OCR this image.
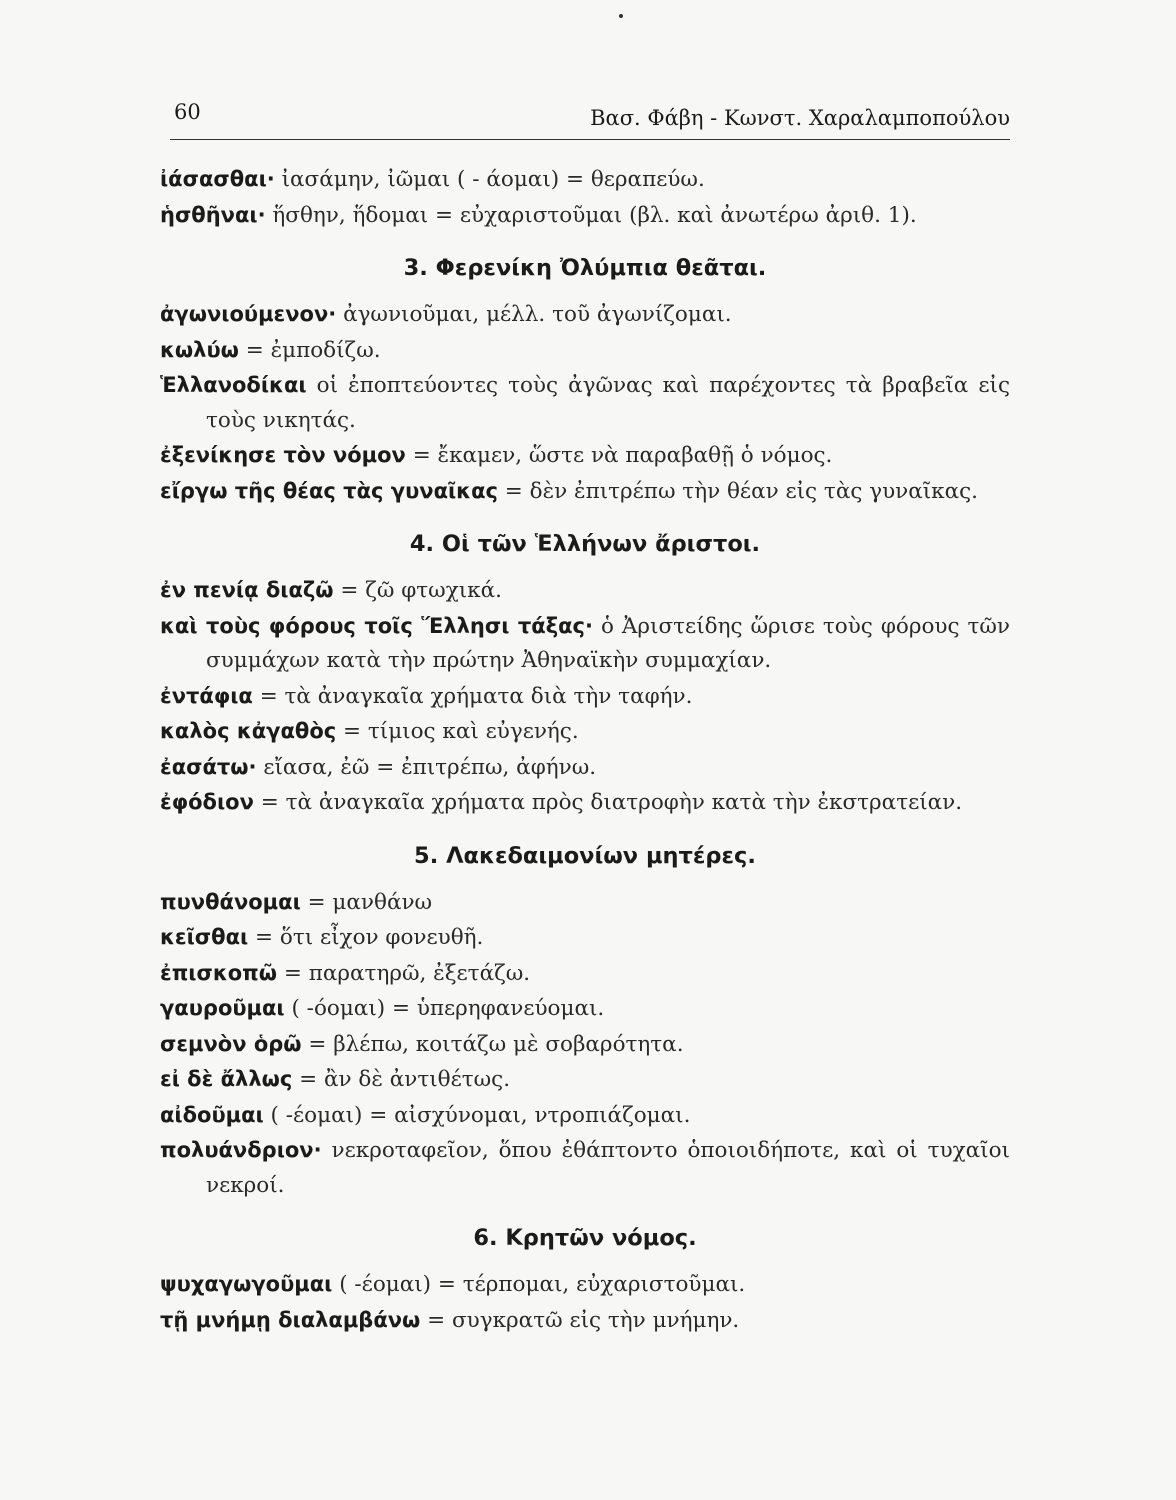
60	Βασ. Φάβη - Κωνστ. Χαραλαμποπούλου
ἰάσασθαι· ἰασάμην, ἰῶμαι ( - άομαι) = θεραπεύω.
ἡσθῆναι· ἥσθην, ἥδομαι = εὐχαριστοῦμαι (βλ. καὶ ἀνωτέρω ἀριθ. 1).
3. Φερενίκη Ὀλύμπια θεᾶται.
ἀγωνιούμενον· ἀγωνιοῦμαι, μέλλ. τοῦ ἀγωνίζομαι.
κωλύω = ἐμποδίζω.
Ἑλλανοδίκαι οἱ ἐποπτεύοντες τοὺς ἀγῶνας καὶ παρέχοντες τὰ βραβεῖα εἰς τοὺς νικητάς.
ἐξενίκησε τὸν νόμον = ἔκαμεν, ὥστε νὰ παραβαθῇ ὁ νόμος.
εἴργω τῆς θέας τὰς γυναῖκας = δὲν ἐπιτρέπω τὴν θέαν εἰς τὰς γυναῖκας.
4. Οἱ τῶν Ἑλλήνων ἄριστοι.
ἐν πενίᾳ διαζῶ = ζῶ φτωχικά.
καὶ τοὺς φόρους τοῖς Ἕλλησι τάξας· ὁ Ἀριστείδης ὥρισε τοὺς φόρους τῶν συμμάχων κατὰ τὴν πρώτην Ἀθηναϊκὴν συμμαχίαν.
ἐντάφια = τὰ ἀναγκαῖα χρήματα διὰ τὴν ταφήν.
καλὸς κἀγαθὸς = τίμιος καὶ εὐγενής.
ἐασάτω· εἴασα, ἐῶ = ἐπιτρέπω, ἀφήνω.
ἐφόδιον = τὰ ἀναγκαῖα χρήματα πρὸς διατροφὴν κατὰ τὴν ἐκστρατείαν.
5. Λακεδαιμονίων μητέρες.
πυνθάνομαι = μανθάνω
κεῖσθαι = ὅτι εἶχον φονευθῆ.
ἐπισκοπῶ = παρατηρῶ, ἐξετάζω.
γαυροῦμαι ( -όομαι) = ὑπερηφανεύομαι.
σεμνὸν ὁρῶ = βλέπω, κοιτάζω μὲ σοβαρότητα.
εἰ δὲ ἄλλως = ἂν δὲ ἀντιθέτως.
αἰδοῦμαι ( -έομαι) = αἰσχύνομαι, ντροπιάζομαι.
πολυάνδριον· νεκροταφεῖον, ὅπου ἐθάπτοντο ὁποιοιδήποτε, καὶ οἱ τυχαῖοι νεκροί.
6. Κρητῶν νόμος.
ψυχαγωγοῦμαι ( -έομαι) = τέρπομαι, εὐχαριστοῦμαι.
τῇ μνήμῃ διαλαμβάνω = συγκρατῶ εἰς τὴν μνήμην.
